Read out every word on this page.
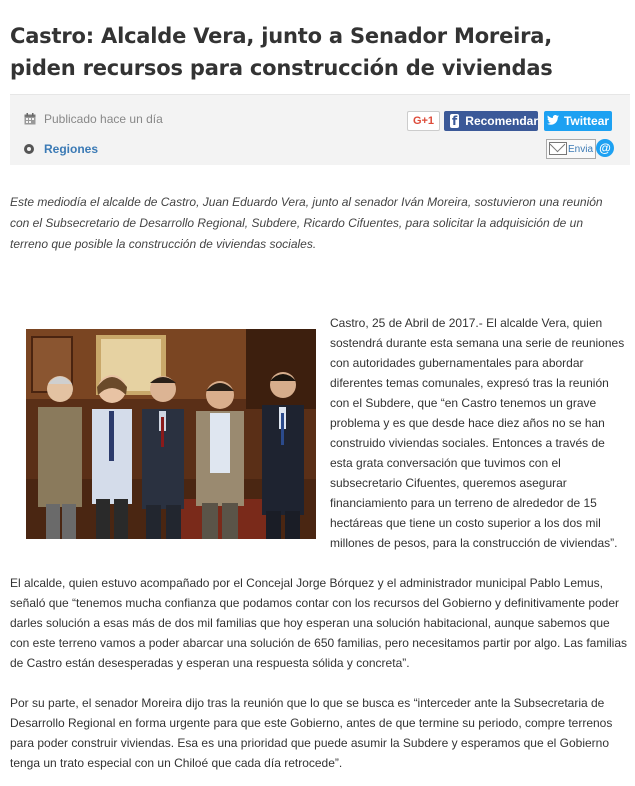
Castro: Alcalde Vera, junto a Senador Moreira, piden recursos para construcción de viviendas
Publicado hace un día
Regiones
G+1	f Recomendar Twittear
Envia @

Este mediodía el alcalde de Castro, Juan Eduardo Vera, junto al senador Iván Moreira, sostuvieron una reunión con el Subsecretario de Desarrollo Regional, Subdere, Ricardo Cifuentes, para solicitar la adquisición de un terreno que posible la construcción de viviendas sociales.

Castro, 25 de Abril de 2017.- El alcalde Vera, quien sostendrá durante esta semana una serie de reuniones con autoridades gubernamentales para abordar diferentes temas comunales, expresó tras la reunión con el Subdere, que “en Castro tenemos un grave problema y es que desde hace diez años no se han construido viviendas sociales. Entonces a través de esta grata conversación que tuvimos con el subsecretario Cifuentes, queremos asegurar financiamiento para un terreno de alrededor de 15 hectáreas que tiene un costo superior a los dos mil millones de pesos, para la construcción de viviendas”.

El alcalde, quien estuvo acompañado por el Concejal Jorge Bórquez y el administrador municipal Pablo Lemus, señaló que “tenemos mucha confianza que podamos contar con los recursos del Gobierno y definitivamente poder darles solución a esas más de dos mil familias que hoy esperan una solución habitacional, aunque sabemos que con este terreno vamos a poder abarcar una solución de 650 familias, pero necesitamos partir por algo. Las familias de Castro están desesperadas y esperan una respuesta sólida y concreta”.

Por su parte, el senador Moreira dijo tras la reunión que lo que se busca es “interceder ante la Subsecretaria de Desarrollo Regional en forma urgente para que este Gobierno, antes de que termine su periodo, compre terrenos para poder construir viviendas. Esa es una prioridad que puede asumir la Subdere y esperamos que el Gobierno tenga un trato especial con un Chiloé que cada día retrocede”.
